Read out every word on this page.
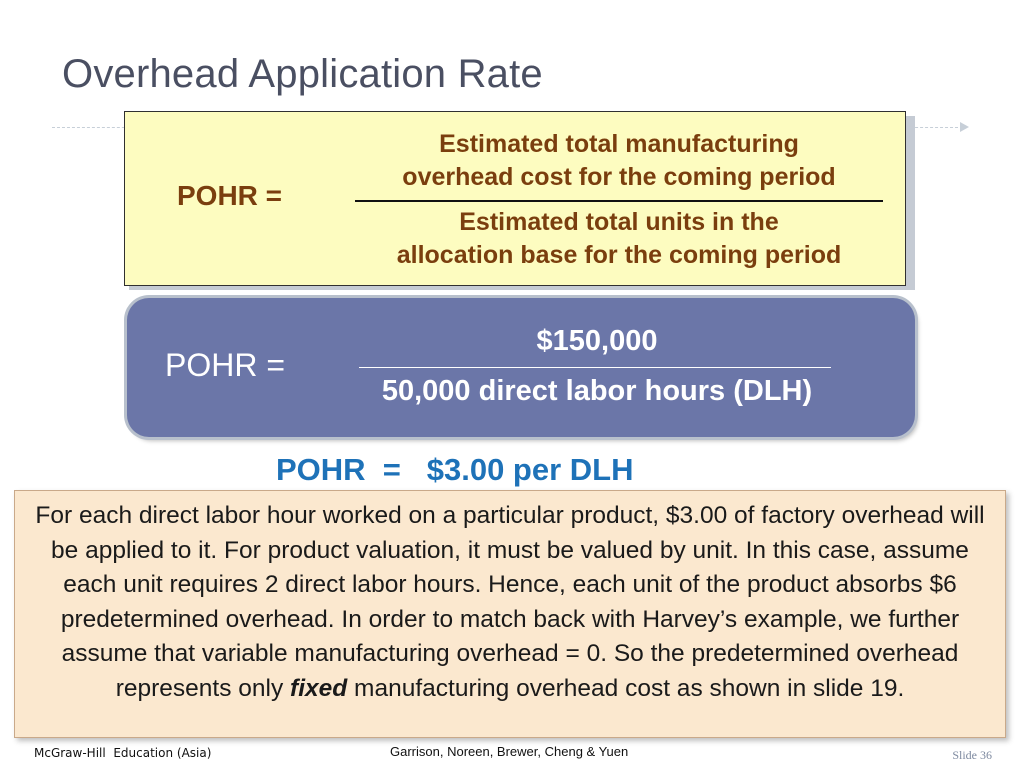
Overhead Application Rate
POHR =
Estimated total manufacturing
overhead cost for the coming period
Estimated total units in the
allocation base for the coming period
POHR =
$150,000
50,000 direct labor hours (DLH)
POHR  =   $3.00 per DLH
For each direct labor hour worked on a particular product, $3.00 of factory overhead will be applied to it. For product valuation, it must be valued by unit. In this case, assume each unit requires 2 direct labor hours. Hence, each unit of the product absorbs $6 predetermined overhead. In order to match back with Harvey’s example, we further assume that variable manufacturing overhead = 0. So the predetermined overhead represents only fixed manufacturing overhead cost as shown in slide 19.
McGraw-Hill  Education (Asia)	Garrison, Noreen, Brewer, Cheng & Yuen	Slide 36
